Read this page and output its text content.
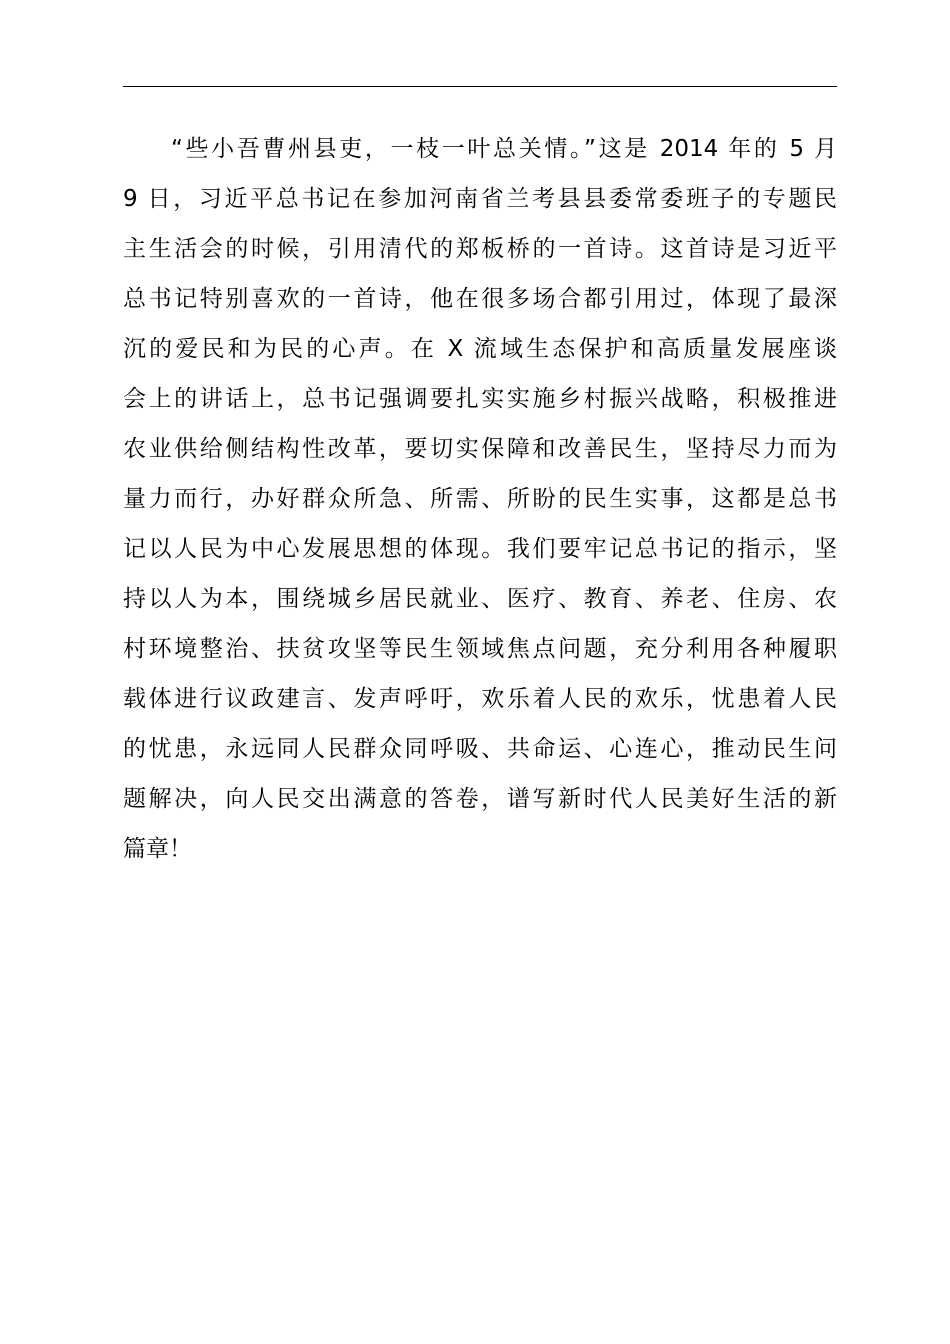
“些小吾曹州县吏，一枝一叶总关情。”这是 2014 年的 5 月
9 日，习近平总书记在参加河南省兰考县县委常委班子的专题民
主生活会的时候，引用清代的郑板桥的一首诗。这首诗是习近平
总书记特别喜欢的一首诗，他在很多场合都引用过，体现了最深
沉的爱民和为民的心声。在 X 流域生态保护和高质量发展座谈
会上的讲话上，总书记强调要扎实实施乡村振兴战略，积极推进
农业供给侧结构性改革，要切实保障和改善民生，坚持尽力而为
量力而行，办好群众所急、所需、所盼的民生实事，这都是总书
记以人民为中心发展思想的体现。我们要牢记总书记的指示，坚
持以人为本，围绕城乡居民就业、医疗、教育、养老、住房、农
村环境整治、扶贫攻坚等民生领域焦点问题，充分利用各种履职
载体进行议政建言、发声呼吁，欢乐着人民的欢乐，忧患着人民
的忧患，永远同人民群众同呼吸、共命运、心连心，推动民生问
题解决，向人民交出满意的答卷，谱写新时代人民美好生活的新
篇章！
